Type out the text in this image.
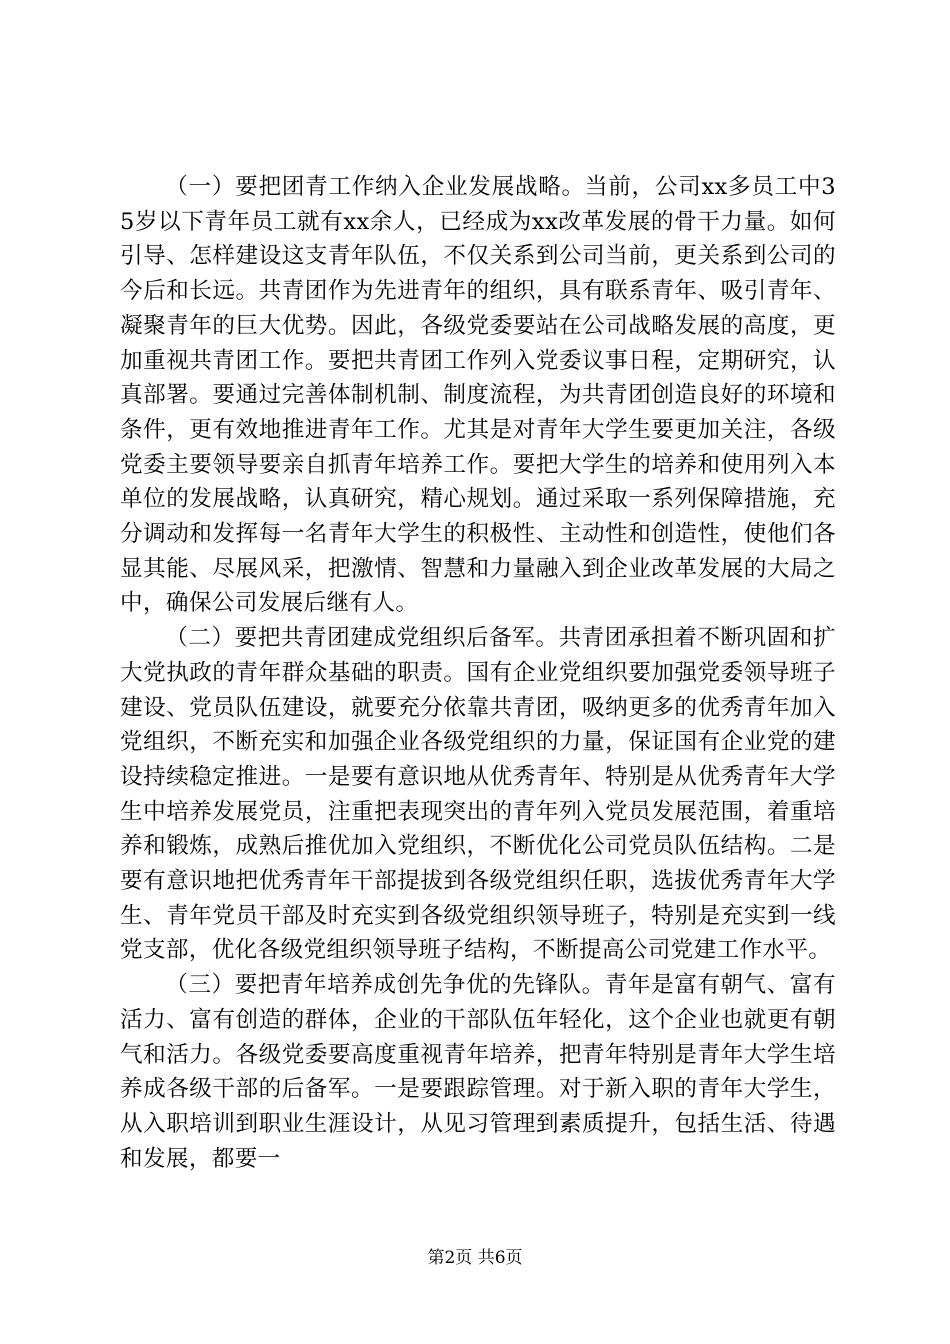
（一）要把团青工作纳入企业发展战略。当前，公司xx多员工中35岁以下青年员工就有xx余人，已经成为xx改革发展的骨干力量。如何引导、怎样建设这支青年队伍，不仅关系到公司当前，更关系到公司的今后和长远。共青团作为先进青年的组织，具有联系青年、吸引青年、凝聚青年的巨大优势。因此，各级党委要站在公司战略发展的高度，更加重视共青团工作。要把共青团工作列入党委议事日程，定期研究，认真部署。要通过完善体制机制、制度流程，为共青团创造良好的环境和条件，更有效地推进青年工作。尤其是对青年大学生要更加关注，各级党委主要领导要亲自抓青年培养工作。要把大学生的培养和使用列入本单位的发展战略，认真研究，精心规划。通过采取一系列保障措施，充分调动和发挥每一名青年大学生的积极性、主动性和创造性，使他们各显其能、尽展风采，把激情、智慧和力量融入到企业改革发展的大局之中，确保公司发展后继有人。

（二）要把共青团建成党组织后备军。共青团承担着不断巩固和扩大党执政的青年群众基础的职责。国有企业党组织要加强党委领导班子建设、党员队伍建设，就要充分依靠共青团，吸纳更多的优秀青年加入党组织，不断充实和加强企业各级党组织的力量，保证国有企业党的建设持续稳定推进。一是要有意识地从优秀青年、特别是从优秀青年大学生中培养发展党员，注重把表现突出的青年列入党员发展范围，着重培养和锻炼，成熟后推优加入党组织，不断优化公司党员队伍结构。二是要有意识地把优秀青年干部提拔到各级党组织任职，选拔优秀青年大学生、青年党员干部及时充实到各级党组织领导班子，特别是充实到一线党支部，优化各级党组织领导班子结构，不断提高公司党建工作水平。

（三）要把青年培养成创先争优的先锋队。青年是富有朝气、富有活力、富有创造的群体，企业的干部队伍年轻化，这个企业也就更有朝气和活力。各级党委要高度重视青年培养，把青年特别是青年大学生培养成各级干部的后备军。一是要跟踪管理。对于新入职的青年大学生，从入职培训到职业生涯设计，从见习管理到素质提升，包括生活、待遇和发展，都要一

第2页 共6页
